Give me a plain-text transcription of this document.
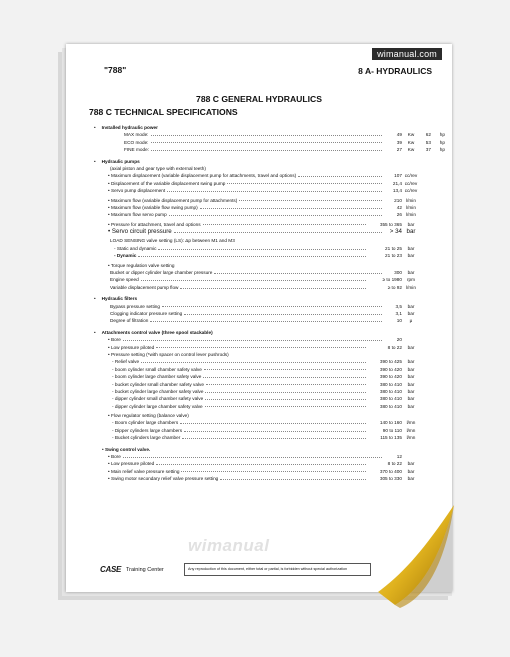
wimanual.com
"788"	8 A- HYDRAULICS
788 C GENERAL HYDRAULICS
788 C TECHNICAL SPECIFICATIONS
• Installed hydraulic power
MAX mode:	49	Kw	62	hp
ECO mode:	39	Kw	53	hp
FINE mode:	27	Kw	37	hp
• Hydraulic pumps
(axial piston and gear type with external teeth)
• Maximum displacement (variable displacement pump for attachments, travel and options)	107 cc/rev
• Displacement of the variable displacement swing pump	21,4 cc/rev
• Servo pump displacement	13,4 cc/rev
• Maximum flow (variable displacement pump for attachments)	210 l/min
• Maximum flow (variable flow swing pump)	42 l/min
• Maximum flow servo pump	26 l/min
• Pressure for attachment, travel and options	355 to 365	bar
• Servo circuit pressure	> 34 bar
LOAD SENSING valve setting (LS): Δp between M1 and M3
- Static and dynamic	21 to 25	bar
- Dynamic	21 to 23	bar
• Torque regulation valve setting
Bucket or dipper cylinder large chamber pressure	300	bar
Engine speed	≥ to 1980	rpm
Variable displacement pump flow	≥ to 92 l/min
• Hydraulic filters
Bypass pressure setting	3,5	bar
Clogging indicator pressure setting	3,1	bar
Degree of filtration	10	μ
• Attachments control valve (three spool stackable)
• Bore	20
• Low pressure piloted	8 to 22	bar
• Pressure setting (*with spacer on control lever pushrods)
- Relief valve	390 to 425	bar
- boom cylinder small chamber safety valve	390 to 420	bar
- boom cylinder large chamber safety valve	390 to 420	bar
- bucket cylinder small chamber safety valve	380 to 410	bar
- bucket cylinder large chamber safety valve	380 to 410	bar
- dipper cylinder small chamber safety valve	380 to 410	bar
- dipper cylinder large chamber safety valve	380 to 410	bar
• Flow regulator setting (balance valve)
- Boom cylinder large chambers	140 to 160 l/mn
- Dipper cylinders large chambers	90 to 110 l/mn
- Bucket cylinders large chamber	115 to 135 l/mn
• Swing control valve.
• Bore	12
• Low pressure piloted	8 to 22	bar
• Main relief valve pressure setting	370 to 400	bar
• Swing motor secondary relief valve pressure setting	305 to 330	bar
wimanual
CASE Training Center	Any reproduction of this document, either total or partial, is forbidden without special authorization
